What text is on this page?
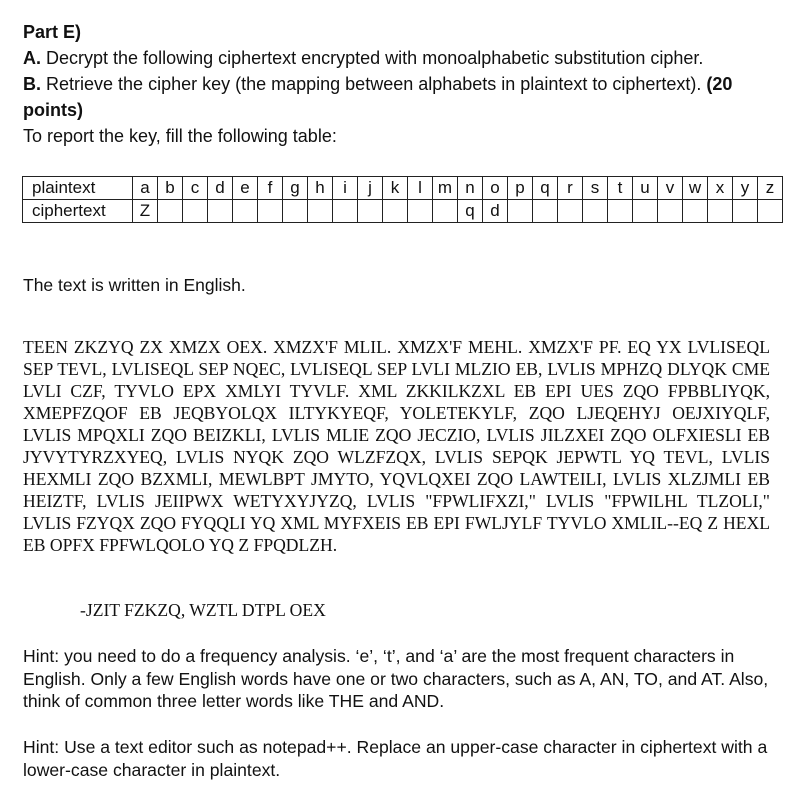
Part E)

A. Decrypt the following ciphertext encrypted with monoalphabetic substitution cipher.

B. Retrieve the cipher key (the mapping between alphabets in plaintext to ciphertext). (20 points)

To report the key, fill the following table:

plaintext	a	b	c	d	e	f	g	h	i	j	k	l	m	n	o	p	q	r	s	t	u	v	w	x	y	z
ciphertext	Z													q	d											

The text is written in English.

TEEN ZKZYQ ZX XMZX OEX. XMZX'F MLIL. XMZX'F MEHL. XMZX'F PF. EQ YX LVLISEQL SEP TEVL, LVLISEQL SEP NQEC, LVLISEQL SEP LVLI MLZIO EB, LVLIS MPHZQ DLYQK CME LVLI CZF, TYVLO EPX XMLYI TYVLF. XML ZKKILKZXL EB EPI UES ZQO FPBBLIYQK, XMEPFZQOF EB JEQBYOLQX ILTYKYEQF, YOLETEKYLF, ZQO LJEQEHYJ OEJXIYQLF, LVLIS MPQXLI ZQO BEIZKLI, LVLIS MLIE ZQO JECZIO, LVLIS JILZXEI ZQO OLFXIESLI EB JYVYTYRZXYEQ, LVLIS NYQK ZQO WLZFZQX, LVLIS SEPQK JEPWTL YQ TEVL, LVLIS HEXMLI ZQO BZXMLI, MEWLBPT JMYTO, YQVLQXEI ZQO LAWTEILI, LVLIS XLZJMLI EB HEIZTF, LVLIS JEIIPWX WETYXYJYZQ, LVLIS "FPWLIFXZI," LVLIS "FPWILHL TLZOLI," LVLIS FZYQX ZQO FYQQLI YQ XML MYFXEIS EB EPI FWLJYLF TYVLO XMLIL--EQ Z HEXL EB OPFX FPFWLQOLO YQ Z FPQDLZH.

-JZIT FZKZQ, WZTL DTPL OEX

Hint: you need to do a frequency analysis. ‘e’, ‘t’, and ‘a’ are the most frequent characters in English. Only a few English words have one or two characters, such as A, AN, TO, and AT. Also, think of common three letter words like THE and AND.

Hint: Use a text editor such as notepad++. Replace an upper-case character in ciphertext with a lower-case character in plaintext.
